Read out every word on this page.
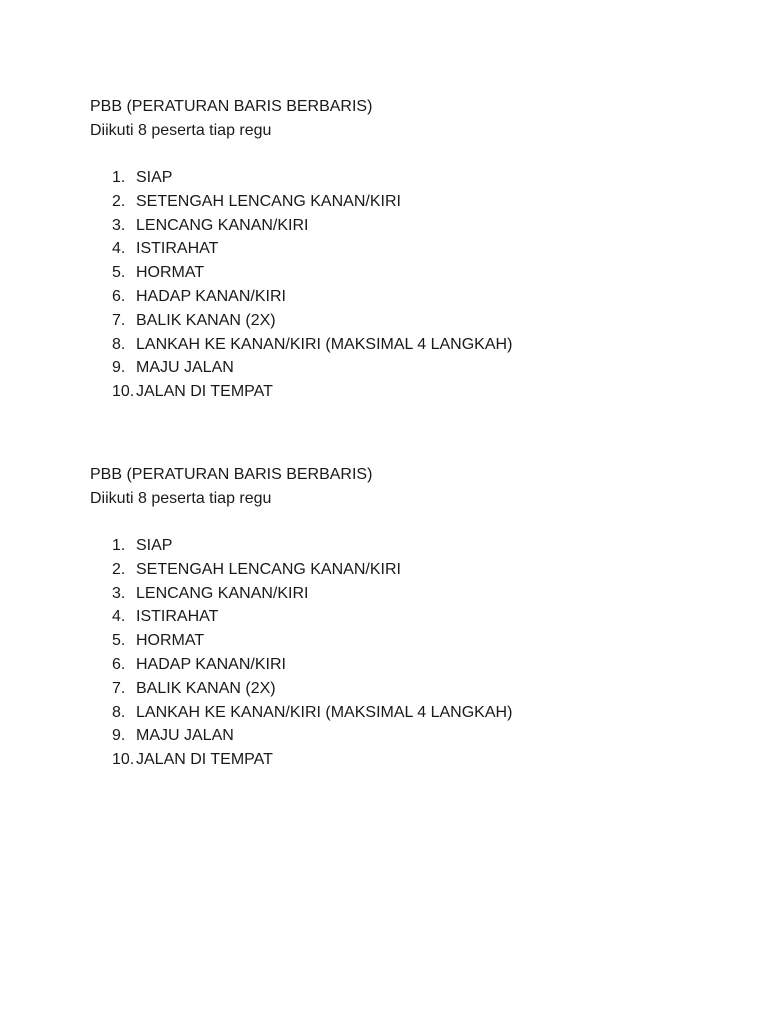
PBB (PERATURAN BARIS BERBARIS)
Diikuti 8 peserta tiap regu
1. SIAP
2. SETENGAH LENCANG KANAN/KIRI
3. LENCANG KANAN/KIRI
4. ISTIRAHAT
5. HORMAT
6. HADAP KANAN/KIRI
7. BALIK KANAN (2X)
8. LANKAH KE KANAN/KIRI (MAKSIMAL 4 LANGKAH)
9. MAJU JALAN
10. JALAN DI TEMPAT
PBB (PERATURAN BARIS BERBARIS)
Diikuti 8 peserta tiap regu
1. SIAP
2. SETENGAH LENCANG KANAN/KIRI
3. LENCANG KANAN/KIRI
4. ISTIRAHAT
5. HORMAT
6. HADAP KANAN/KIRI
7. BALIK KANAN (2X)
8. LANKAH KE KANAN/KIRI (MAKSIMAL 4 LANGKAH)
9. MAJU JALAN
10. JALAN DI TEMPAT
